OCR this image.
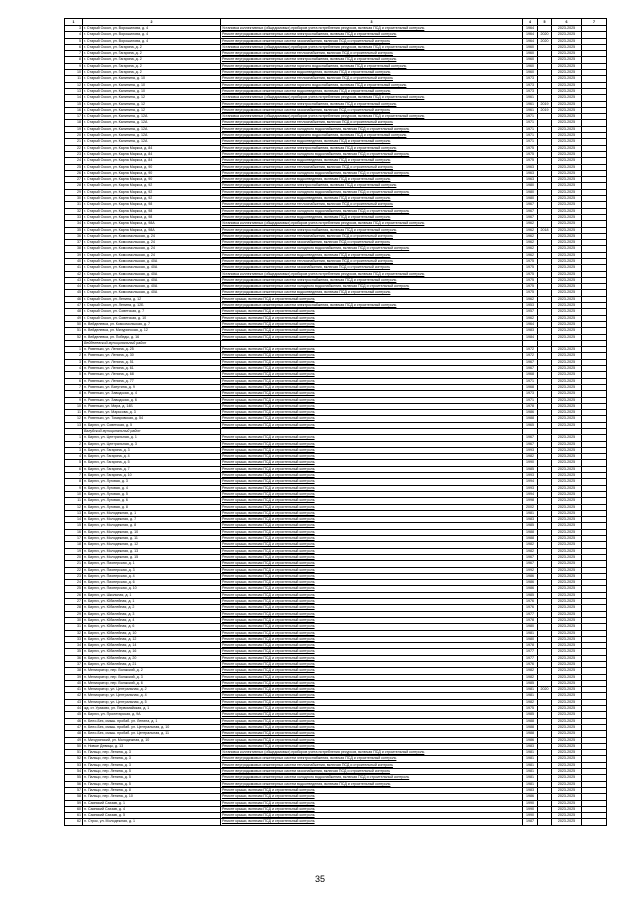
1	2	3	4	5	6	7
3	г. Старый Оскол, ул. Ворошилова, д. 4	Установка коллективных (общедомовых) приборов учета потребления ресурсов, включая ПСД и строительный контроль	1964		2023-2025	
4	г. Старый Оскол, ул. Ворошилова, д. 4	Ремонт внутридомовых инженерных систем электроснабжения, включая ПСД и строительный контроль	1964	2020	2023-2025	
5	г. Старый Оскол, ул. Ворошилова, д. 4	Ремонт внутридомовых инженерных систем газоснабжения, включая ПСД и строительный контроль	1964	2020	2023-2025	
6	г. Старый Оскол, ул. Гагарина, д. 2	Установка коллективных (общедомовых) приборов учета потребления ресурсов, включая ПСД и строительный контроль	1960		2023-2025	
7	г. Старый Оскол, ул. Гагарина, д. 2	Ремонт внутридомовых инженерных систем теплоснабжения, включая ПСД и строительный контроль	1960		2023-2025	
8	г. Старый Оскол, ул. Гагарина, д. 2	Ремонт внутридомовых инженерных систем электроснабжения, включая ПСД и строительный контроль	1960		2023-2025	
9	г. Старый Оскол, ул. Гагарина, д. 2	Ремонт внутридомовых инженерных систем горячего водоснабжения, включая ПСД и строительный контроль	1960		2023-2025	
10	г. Старый Оскол, ул. Гагарина, д. 2	Ремонт внутридомовых инженерных систем водоотведения, включая ПСД и строительный контроль	1960		2023-2025	
11	г. Старый Оскол, ул. Калинина, д. 10	Ремонт внутридомовых инженерных систем теплоснабжения, включая ПСД и строительный контроль	1973		2023-2025	
12	г. Старый Оскол, ул. Калинина, д. 10	Ремонт внутридомовых инженерных систем горячего водоснабжения, включая ПСД и строительный контроль	1973		2023-2025	
13	г. Старый Оскол, ул. Калинина, д. 10	Ремонт внутридомовых инженерных систем водоотведения, включая ПСД и строительный контроль	1973		2023-2025	
14	г. Старый Оскол, ул. Калинина, д. 12	Установка коллективных (общедомовых) приборов учета потребления ресурсов, включая ПСД и строительный контроль	1961		2023-2025	
15	г. Старый Оскол, ул. Калинина, д. 12	Ремонт внутридомовых инженерных систем электроснабжения, включая ПСД и строительный контроль	1961	2019	2023-2025	
16	г. Старый Оскол, ул. Калинина, д. 12	Ремонт внутридомовых инженерных систем газоснабжения, включая ПСД и строительный контроль	1961	2019	2023-2025	
17	г. Старый Оскол, ул. Калинина, д. 12А	Установка коллективных (общедомовых) приборов учета потребления ресурсов, включая ПСД и строительный контроль	1971		2023-2025	
18	г. Старый Оскол, ул. Калинина, д. 12А	Ремонт внутридомовых инженерных систем теплоснабжения, включая ПСД и строительный контроль	1971		2023-2025	
19	г. Старый Оскол, ул. Калинина, д. 12А	Ремонт внутридомовых инженерных систем холодного водоснабжения, включая ПСД и строительный контроль	1971		2023-2025	
20	г. Старый Оскол, ул. Калинина, д. 12А	Ремонт внутридомовых инженерных систем горячего водоснабжения, включая ПСД и строительный контроль	1971		2023-2025	
21	г. Старый Оскол, ул. Калинина, д. 12А	Ремонт внутридомовых инженерных систем водоотведения, включая ПСД и строительный контроль	1971		2023-2025	
22	г. Старый Оскол, ул. Карла Маркса, д. 84	Ремонт внутридомовых инженерных систем электроснабжения, включая ПСД и строительный контроль	1975		2023-2025	
23	г. Старый Оскол, ул. Карла Маркса, д. 84	Ремонт внутридомовых инженерных систем холодного водоснабжения, включая ПСД и строительный контроль	1975		2023-2025	
24	г. Старый Оскол, ул. Карла Маркса, д. 84	Ремонт внутридомовых инженерных систем водоотведения, включая ПСД и строительный контроль	1975		2023-2025	
25	г. Старый Оскол, ул. Карла Маркса, д. 90	Ремонт внутридомовых инженерных систем теплоснабжения, включая ПСД и строительный контроль	1963		2023-2025	
26	г. Старый Оскол, ул. Карла Маркса, д. 90	Ремонт внутридомовых инженерных систем холодного водоснабжения, включая ПСД и строительный контроль	1963		2023-2025	
27	г. Старый Оскол, ул. Карла Маркса, д. 90	Ремонт внутридомовых инженерных систем водоотведения, включая ПСД и строительный контроль	1963		2023-2025	
28	г. Старый Оскол, ул. Карла Маркса, д. 92	Ремонт внутридомовых инженерных систем электроснабжения, включая ПСД и строительный контроль	1980		2023-2025	
29	г. Старый Оскол, ул. Карла Маркса, д. 92	Ремонт внутридомовых инженерных систем холодного водоснабжения, включая ПСД и строительный контроль	1980		2023-2025	
30	г. Старый Оскол, ул. Карла Маркса, д. 92	Ремонт внутридомовых инженерных систем водоотведения, включая ПСД и строительный контроль	1980		2023-2025	
31	г. Старый Оскол, ул. Карла Маркса, д. 98	Ремонт внутридомовых инженерных систем теплоснабжения, включая ПСД и строительный контроль	1967		2023-2025	
32	г. Старый Оскол, ул. Карла Маркса, д. 98	Ремонт внутридомовых инженерных систем холодного водоснабжения, включая ПСД и строительный контроль	1967		2023-2025	
33	г. Старый Оскол, ул. Карла Маркса, д. 98	Ремонт внутридомовых инженерных систем водоотведения, включая ПСД и строительный контроль	1967		2023-2025	
34	г. Старый Оскол, ул. Карла Маркса, д. 98А	Установка коллективных (общедомовых) приборов учета потребления ресурсов, включая ПСД и строительный контроль	1962		2023-2025	
35	г. Старый Оскол, ул. Карла Маркса, д. 98А	Ремонт внутридомовых инженерных систем электроснабжения, включая ПСД и строительный контроль	1962	2018	2023-2025	
36	г. Старый Оскол, ул. Комсомольская, д. 24	Ремонт внутридомовых инженерных систем теплоснабжения, включая ПСД и строительный контроль	1962		2023-2025	
37	г. Старый Оскол, ул. Комсомольская, д. 24	Ремонт внутридомовых инженерных систем газоснабжения, включая ПСД и строительный контроль	1962		2023-2025	
38	г. Старый Оскол, ул. Комсомольская, д. 24	Ремонт внутридомовых инженерных систем холодного водоснабжения, включая ПСД и строительный контроль	1962		2023-2025	
39	г. Старый Оскол, ул. Комсомольская, д. 24	Ремонт внутридомовых инженерных систем водоотведения, включая ПСД и строительный контроль	1962		2023-2025	
40	г. Старый Оскол, ул. Комсомольская, д. 40А	Ремонт внутридомовых инженерных систем теплоснабжения, включая ПСД и строительный контроль	1975		2023-2025	
41	г. Старый Оскол, ул. Комсомольская, д. 40А	Ремонт внутридомовых инженерных систем газоснабжения, включая ПСД и строительный контроль	1975		2023-2025	
42	г. Старый Оскол, ул. Комсомольская, д. 40А	Установка коллективных (общедомовых) приборов учета потребления ресурсов, включая ПСД и строительный контроль	1975		2023-2025	
43	г. Старый Оскол, ул. Комсомольская, д. 40А	Ремонт внутридомовых инженерных систем электроснабжения, включая ПСД и строительный контроль	1975		2023-2025	
44	г. Старый Оскол, ул. Комсомольская, д. 40А	Ремонт внутридомовых инженерных систем холодного водоснабжения, включая ПСД и строительный контроль	1975		2023-2025	
45	г. Старый Оскол, ул. Комсомольская, д. 40А	Ремонт внутридомовых инженерных систем водоотведения, включая ПСД и строительный контроль	1975		2023-2025	
46	г. Старый Оскол, ул. Ленина, д. 12	Ремонт крыши, включая ПСД и строительный контроль	1962		2023-2025	
47	г. Старый Оскол, ул. Ленина, д. 12Б	Ремонт внутридомовых инженерных систем электроснабжения, включая ПСД и строительный контроль	1953		2023-2025	
48	г. Старый Оскол, ул. Советская, д. 7	Ремонт крыши, включая ПСД и строительный контроль	1957		2023-2025	
49	г. Старый Оскол, ул. Советская, д. 10	Ремонт крыши, включая ПСД и строительный контроль	1962		2023-2025	
50	п. Вейделевка, ул. Комсомольская, д. 7	Ремонт крыши, включая ПСД и строительный контроль	1964		2023-2025	
51	п. Вейделевка, ул. Мичуринская, д. 12	Ремонт крыши, включая ПСД и строительный контроль	1983		2023-2025	
52	п. Вейделевка, ул. Победы, д. 16	Ремонт крыши, включая ПСД и строительный контроль	1984		2023-2025	
	Вейделевский муниципальный район					
1	п. Ровеньки, ул. Ленина, д. 25	Ремонт крыши, включая ПСД и строительный контроль	1972		2023-2025	
2	п. Ровеньки, ул. Ленина, д. 30	Ремонт крыши, включая ПСД и строительный контроль	1972		2023-2025	
3	п. Ровеньки, ул. Ленина, д. 51	Ремонт крыши, включая ПСД и строительный контроль	1967		2023-2025	
4	п. Ровеньки, ул. Ленина, д. 61	Ремонт крыши, включая ПСД и строительный контроль	1967		2023-2025	
5	п. Ровеньки, ул. Ленина, д. 68	Ремонт крыши, включая ПСД и строительный контроль	1968		2023-2025	
6	п. Ровеньки, ул. Ленина, д. 77	Ремонт крыши, включая ПСД и строительный контроль	1971		2023-2025	
7	п. Ровеньки, ул. Ватутина, д. 9	Ремонт крыши, включая ПСД и строительный контроль	1968		2023-2025	
8	п. Ровеньки, ул. Заводская, д. 4	Ремонт крыши, включая ПСД и строительный контроль	1973		2023-2025	
9	п. Ровеньки, ул. Заводская, д. 6	Ремонт крыши, включая ПСД и строительный контроль	1971		2023-2025	
10	п. Ровеньки, ул. Мира, д. 14Б	Ремонт крыши, включая ПСД и строительный контроль	1978		2023-2025	
11	п. Ровеньки, ул. Марксова, д. 3	Ремонт крыши, включая ПСД и строительный контроль	1986		2023-2025	
12	п. Ровеньки, ул. Томаровская, д. 54	Ремонт крыши, включая ПСД и строительный контроль	1988		2023-2025	
13	п. Бирюч, ул. Советская, д. 5	Ремонт крыши, включая ПСД и строительный контроль	1965		2023-2025	
	Валуйский муниципальный район					
1	п. Бирюч, ул. Центральная, д. 1	Ремонт крыши, включая ПСД и строительный контроль	1967		2023-2025	
2	п. Бирюч, ул. Центральная, д. 3	Ремонт крыши, включая ПСД и строительный контроль	1967		2023-2025	
3	п. Бирюч, ул. Гагарина, д. 3	Ремонт крыши, включая ПСД и строительный контроль	1993		2023-2025	
4	п. Бирюч, ул. Гагарина, д. 4	Ремонт крыши, включая ПСД и строительный контроль	1982		2023-2025	
5	п. Бирюч, ул. Гагарина, д. 5	Ремонт крыши, включая ПСД и строительный контроль	1990		2023-2025	
6	п. Бирюч, ул. Гагарина, д. 7	Ремонт крыши, включая ПСД и строительный контроль	1985		2023-2025	
7	п. Бирюч, ул. Гагарина, д. 10	Ремонт крыши, включая ПСД и строительный контроль	1993		2023-2025	
8	п. Бирюч, ул. Луговая, д. 3	Ремонт крыши, включая ПСД и строительный контроль	1994		2023-2025	
9	п. Бирюч, ул. Луговая, д. 4	Ремонт крыши, включая ПСД и строительный контроль	1993		2023-2025	
10	п. Бирюч, ул. Луговая, д. 5	Ремонт крыши, включая ПСД и строительный контроль	1994		2023-2025	
11	п. Бирюч, ул. Луговая, д. 6	Ремонт крыши, включая ПСД и строительный контроль	1998		2023-2025	
12	п. Бирюч, ул. Луговая, д. 8	Ремонт крыши, включая ПСД и строительный контроль	2002		2023-2025	
13	п. Бирюч, ул. Молодежная, д. 1	Ремонт крыши, включая ПСД и строительный контроль	1981		2023-2025	
14	п. Бирюч, ул. Молодежная, д. 7	Ремонт крыши, включая ПСД и строительный контроль	1983		2023-2025	
15	п. Бирюч, ул. Молодежная, д. 8	Ремонт крыши, включая ПСД и строительный контроль	1985		2023-2025	
16	п. Бирюч, ул. Молодежная, д. 10	Ремонт крыши, включая ПСД и строительный контроль	1988		2023-2025	
17	п. Бирюч, ул. Молодежная, д. 11	Ремонт крыши, включая ПСД и строительный контроль	1988		2023-2025	
18	п. Бирюч, ул. Молодежная, д. 12	Ремонт крыши, включая ПСД и строительный контроль	1982		2023-2025	
19	п. Бирюч, ул. Молодежная, д. 13	Ремонт крыши, включая ПСД и строительный контроль	1982		2023-2025	
20	п. Бирюч, ул. Молодежная, д. 15	Ремонт крыши, включая ПСД и строительный контроль	1967		2023-2025	
21	п. Бирюч, ул. Пионерская, д. 1	Ремонт крыши, включая ПСД и строительный контроль	1967		2023-2025	
22	п. Бирюч, ул. Пионерская, д. 3	Ремонт крыши, включая ПСД и строительный контроль	1992		2023-2025	
23	п. Бирюч, ул. Пионерская, д. 4	Ремонт крыши, включая ПСД и строительный контроль	1986		2023-2025	
24	п. Бирюч, ул. Пионерская, д. 6	Ремонт крыши, включая ПСД и строительный контроль	1986		2023-2025	
25	п. Бирюч, ул. Пионерская, д. 10	Ремонт крыши, включая ПСД и строительный контроль	1986		2023-2025	
26	п. Бирюч, ул. Школьная, д. 1	Ремонт крыши, включая ПСД и строительный контроль	1985		2023-2025	
27	п. Бирюч, ул. Юбилейная, д. 1	Ремонт крыши, включая ПСД и строительный контроль	1976		2023-2025	
28	п. Бирюч, ул. Юбилейная, д. 2	Ремонт крыши, включая ПСД и строительный контроль	1976		2023-2025	
29	п. Бирюч, ул. Юбилейная, д. 3	Ремонт крыши, включая ПСД и строительный контроль	1977		2023-2025	
30	п. Бирюч, ул. Юбилейная, д. 4	Ремонт крыши, включая ПСД и строительный контроль	1978		2023-2025	
31	п. Бирюч, ул. Юбилейная, д. 6	Ремонт крыши, включая ПСД и строительный контроль	1980		2023-2025	
32	п. Бирюч, ул. Юбилейная, д. 10	Ремонт крыши, включая ПСД и строительный контроль	1981		2023-2025	
33	п. Бирюч, ул. Юбилейная, д. 12	Ремонт крыши, включая ПСД и строительный контроль	1980		2023-2025	
34	п. Бирюч, ул. Юбилейная, д. 14	Ремонт крыши, включая ПСД и строительный контроль	1978		2023-2025	
35	п. Бирюч, ул. Юбилейная, д. 16	Ремонт крыши, включая ПСД и строительный контроль	1977		2023-2025	
36	п. Бирюч, ул. Юбилейная, д. 20	Ремонт крыши, включая ПСД и строительный контроль	1977		2023-2025	
37	п. Бирюч, ул. Юбилейная, д. 21	Ремонт крыши, включая ПСД и строительный контроль	1976		2023-2025	
38	п. Мелиоратор, пер. Волжский, д. 2	Ремонт крыши, включая ПСД и строительный контроль	1982		2023-2025	
39	п. Мелиоратор, пер. Волжский, д. 3	Ремонт крыши, включая ПСД и строительный контроль	1982		2023-2025	
40	п. Мелиоратор, пер. Волжский, д. 6	Ремонт крыши, включая ПСД и строительный контроль	1985		2023-2025	
41	п. Мелиоратор, ул. Центральная, д. 2	Ремонт крыши, включая ПСД и строительный контроль	1981	2020	2023-2025	
42	п. Мелиоратор, ул. Центральная, д. 4	Ремонт крыши, включая ПСД и строительный контроль	1981		2023-2025	
43	п. Мелиоратор, ул. Центральная, д. 5	Ремонт крыши, включая ПСД и строительный контроль	1982		2023-2025	
44	жд. ст. Уразово, ул. Первомайская, д. 1	Ремонт крыши, включая ПСД и строительный контроль	1975		2023-2025	
45	п. Бирюч, ул. Пролетарская, д. 9А	Ремонт крыши, включая ПСД и строительный контроль	1985		2023-2025	
46	п. Бело-Без, смыш. пробаб. ул. Ленина, д. 1	Ремонт крыши, включая ПСД и строительный контроль	1988		2023-2025	
47	п. Бело-Без, смыш. пробаб. ул. Центральная, д. 10	Ремонт крыши, включая ПСД и строительный контроль	1988		2023-2025	
48	п. Бело-Без, смыш. пробаб. ул. Центральная, д. 11	Ремонт крыши, включая ПСД и строительный контроль	1988		2023-2025	
49	п. Мичуринский, ул. Молодежная, д. 10	Ремонт крыши, включая ПСД и строительный контроль	1986		2023-2025	
50	п. Новые Девицы, д. 13	Ремонт крыши, включая ПСД и строительный контроль	1983		2023-2025	
51	п. Пальцо, пер. Ленина, д. 3	Установка коллективных (общедомовых) приборов учета потребления ресурсов, включая ПСД и строительный контроль	1981		2023-2025	
52	п. Пальцо, пер. Ленина, д. 3	Ремонт внутридомовых инженерных систем электроснабжения, включая ПСД и строительный контроль	1981		2023-2025	
53	п. Пальцо, пер. Ленина, д. 3	Ремонт внутридомовых инженерных систем теплоснабжения, включая ПСД и строительный контроль	1981		2023-2025	
54	п. Пальцо, пер. Ленина, д. 5	Ремонт внутридомовых инженерных систем газоснабжения, включая ПСД и строительный контроль	1981		2023-2025	
55	п. Пальцо, пер. Ленина, д. 5	Ремонт внутридомовых инженерных систем холодного водоснабжения, включая ПСД и строительный контроль	1981		2023-2025	
56	п. Пальцо, пер. Ленина, д. 5	Ремонт внутридомовых инженерных систем водоотведения, включая ПСД и строительный контроль	1981		2023-2025	
57	п. Пальцо, пер. Ленина, д. 8	Ремонт крыши, включая ПСД и строительный контроль	1983		2023-2025	
58	п. Пальцо, пер. Ленина, д. 10	Ремонт крыши, включая ПСД и строительный контроль	1986		2023-2025	
59	п. Саинский Сахзав, д. 1	Ремонт крыши, включая ПСД и строительный контроль	1990		2023-2025	
60	п. Саинский Сахзав, д. 4	Ремонт крыши, включая ПСД и строительный контроль	1990		2023-2025	
61	п. Саинский Сахзав, д. 5	Ремонт крыши, включая ПСД и строительный контроль	1990		2023-2025	
62	п. Строк, ул. Молодежная, д. 1	Ремонт крыши, включая ПСД и строительный контроль	1987		2023-2025	
35
